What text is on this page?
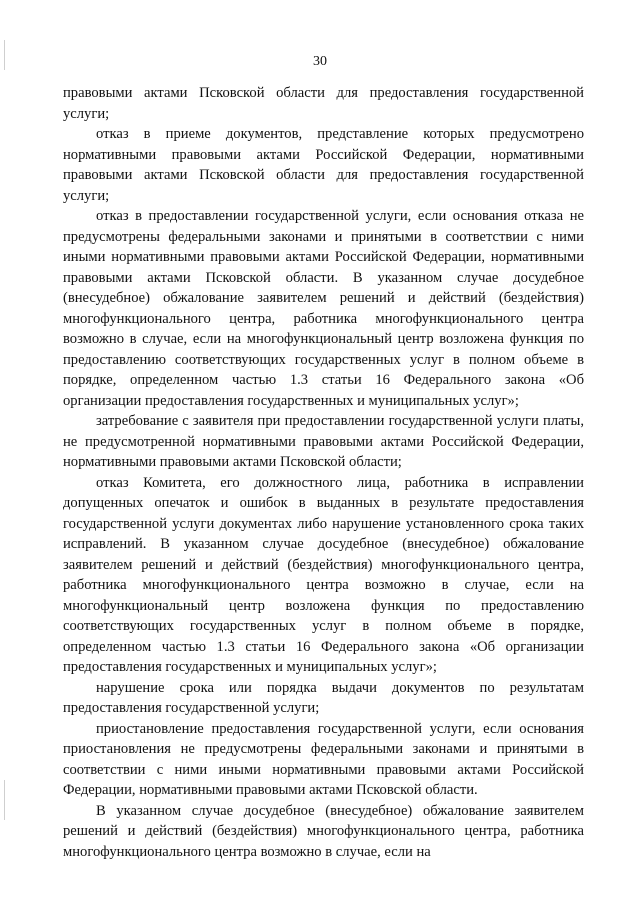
30

правовыми актами Псковской области для предоставления государственной услуги;

отказ в приеме документов, представление которых предусмотрено нормативными правовыми актами Российской Федерации, нормативными правовыми актами Псковской области для предоставления государственной услуги;

отказ в предоставлении государственной услуги, если основания отказа не предусмотрены федеральными законами и принятыми в соответствии с ними иными нормативными правовыми актами Российской Федерации, нормативными правовыми актами Псковской области. В указанном случае досудебное (внесудебное) обжалование заявителем решений и действий (бездействия) многофункционального центра, работника многофункционального центра возможно в случае, если на многофункциональный центр возложена функция по предоставлению соответствующих государственных услуг в полном объеме в порядке, определенном частью 1.3 статьи 16 Федерального закона «Об организации предоставления государственных и муниципальных услуг»;

затребование с заявителя при предоставлении государственной услуги платы, не предусмотренной нормативными правовыми актами Российской Федерации, нормативными правовыми актами Псковской области;

отказ Комитета, его должностного лица, работника в исправлении допущенных опечаток и ошибок в выданных в результате предоставления государственной услуги документах либо нарушение установленного срока таких исправлений. В указанном случае досудебное (внесудебное) обжалование заявителем решений и действий (бездействия) многофункционального центра, работника многофункционального центра возможно в случае, если на многофункциональный центр возложена функция по предоставлению соответствующих государственных услуг в полном объеме в порядке, определенном частью 1.3 статьи 16 Федерального закона «Об организации предоставления государственных и муниципальных услуг»;

нарушение срока или порядка выдачи документов по результатам предоставления государственной услуги;

приостановление предоставления государственной услуги, если основания приостановления не предусмотрены федеральными законами и принятыми в соответствии с ними иными нормативными правовыми актами Российской Федерации, нормативными правовыми актами Псковской области.

В указанном случае досудебное (внесудебное) обжалование заявителем решений и действий (бездействия) многофункционального центра, работника многофункционального центра возможно в случае, если на
